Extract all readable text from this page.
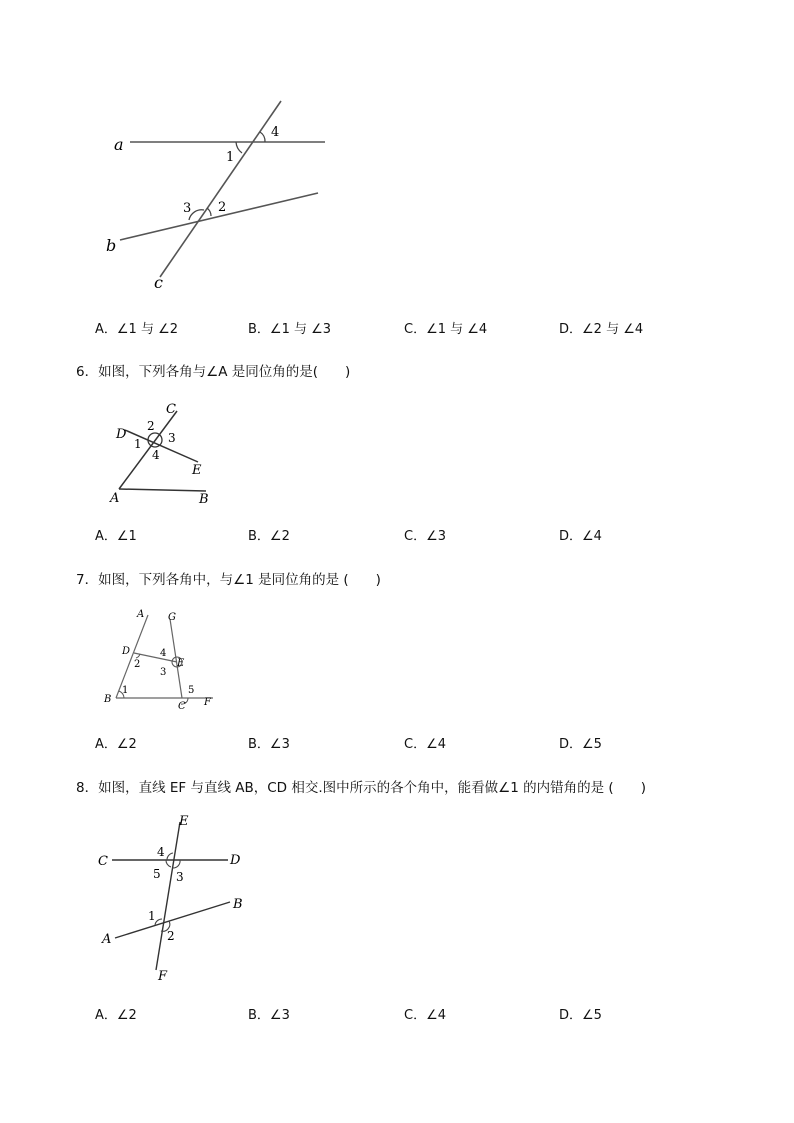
a
b
c
1
4
3 2
A．∠1 与 ∠2	B．∠1 与 ∠3	C．∠1 与 ∠4	D．∠2 与 ∠4
6．如图，下列各角与∠A 是同位角的是(　　)
A	B
C
D
E
1
2
3
4
A．∠1	B．∠2	C．∠3	D．∠4
7．如图，下列各角中，与∠1 是同位角的是 (　　)
A G
D
E
B
C F
1
2
3
4
5
A．∠2	B．∠3	C．∠4	D．∠5
8．如图，直线 EF 与直线 AB，CD 相交.图中所示的各个角中，能看做∠1 的内错角的是 (　　)
E
C	D
B
A
F
4
5 3
1
2
A．∠2	B．∠3	C．∠4	D．∠5
